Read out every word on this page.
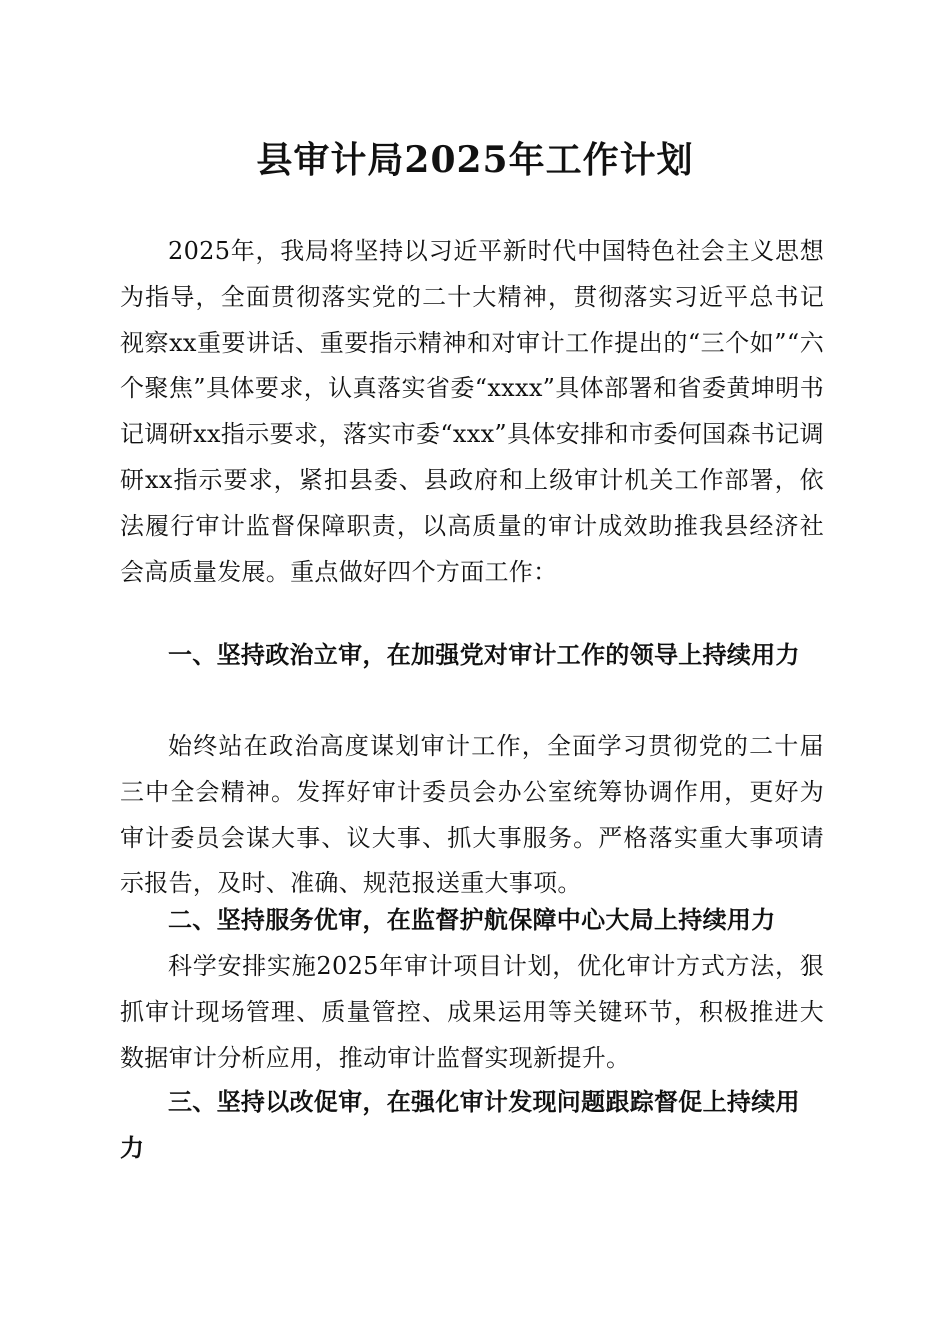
县审计局2025年工作计划

2025年，我局将坚持以习近平新时代中国特色社会主义思想为指导，全面贯彻落实党的二十大精神，贯彻落实习近平总书记视察xx重要讲话、重要指示精神和对审计工作提出的“三个如”“六个聚焦”具体要求，认真落实省委“xxxx”具体部署和省委黄坤明书记调研xx指示要求，落实市委“xxx”具体安排和市委何国森书记调研xx指示要求，紧扣县委、县政府和上级审计机关工作部署，依法履行审计监督保障职责，以高质量的审计成效助推我县经济社会高质量发展。重点做好四个方面工作：

一、坚持政治立审，在加强党对审计工作的领导上持续用力

始终站在政治高度谋划审计工作，全面学习贯彻党的二十届三中全会精神。发挥好审计委员会办公室统筹协调作用，更好为审计委员会谋大事、议大事、抓大事服务。严格落实重大事项请示报告，及时、准确、规范报送重大事项。

二、坚持服务优审，在监督护航保障中心大局上持续用力

科学安排实施2025年审计项目计划，优化审计方式方法，狠抓审计现场管理、质量管控、成果运用等关键环节，积极推进大数据审计分析应用，推动审计监督实现新提升。

三、坚持以改促审，在强化审计发现问题跟踪督促上持续用力
